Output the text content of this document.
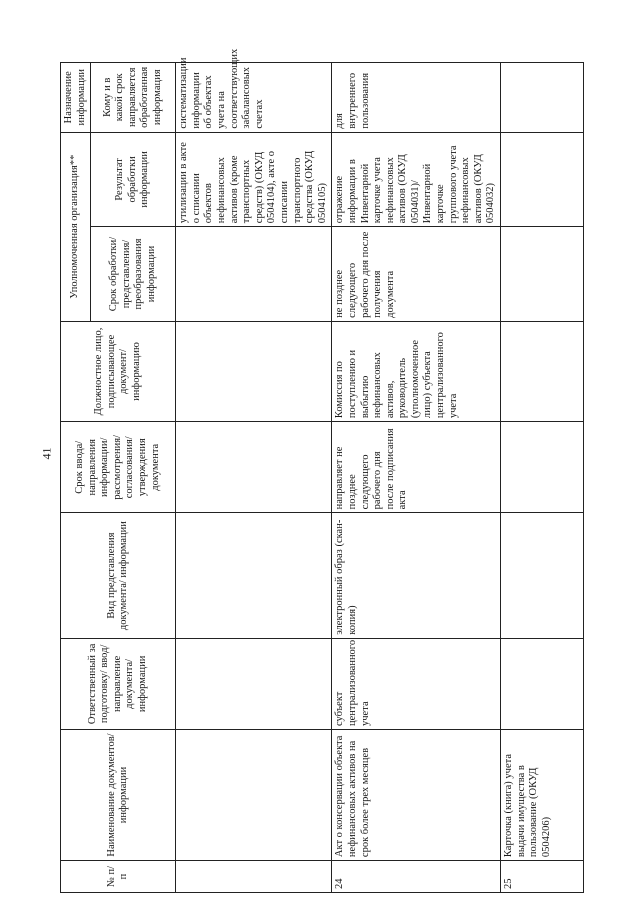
41
№ п/п	Наименование документов/информации	Ответственный за подготовку/ ввод/ направление документа/ информации	Вид представления документа/ информации	Срок ввода/ направления информации/ рассмотрения/ согласования/ утверждения документа	Должностное лицо, подписывающее документ/ информацию	Уполномоченная организация**		Назначение информации
						Срок обработки/ представления/ преобразования информации	Результат обработки информации	Кому и в какой срок направляется обработанная информация
							утилизации в акте о списании объектов нефинансовых активов (кроме транспортных средств) (ОКУД 0504104), акте о списании транспортного средства (ОКУД 0504105)	систематизации информации об объектах учета на соответствующих забалансовых счетах
24	Акт о консервации объекта нефинансовых активов на срок более трех месяцев	субъект централизованного учета	электронный образ (скан-копия)	направляет не позднее следующего рабочего дня после подписания акта	Комиссия по поступлению и выбытию нефинансовых активов, руководитель (уполномоченное лицо) субъекта централизованного учета	не позднее следующего рабочего дня после получения документа	отражение информации в Инвентарной карточке учета нефинансовых активов (ОКУД 0504031)/Инвентарной карточке группового учета нефинансовых активов (ОКУД 0504032)	для внутреннего пользования
25	Карточка (книга) учета выдачи имущества в пользование (ОКУД 0504206)							
